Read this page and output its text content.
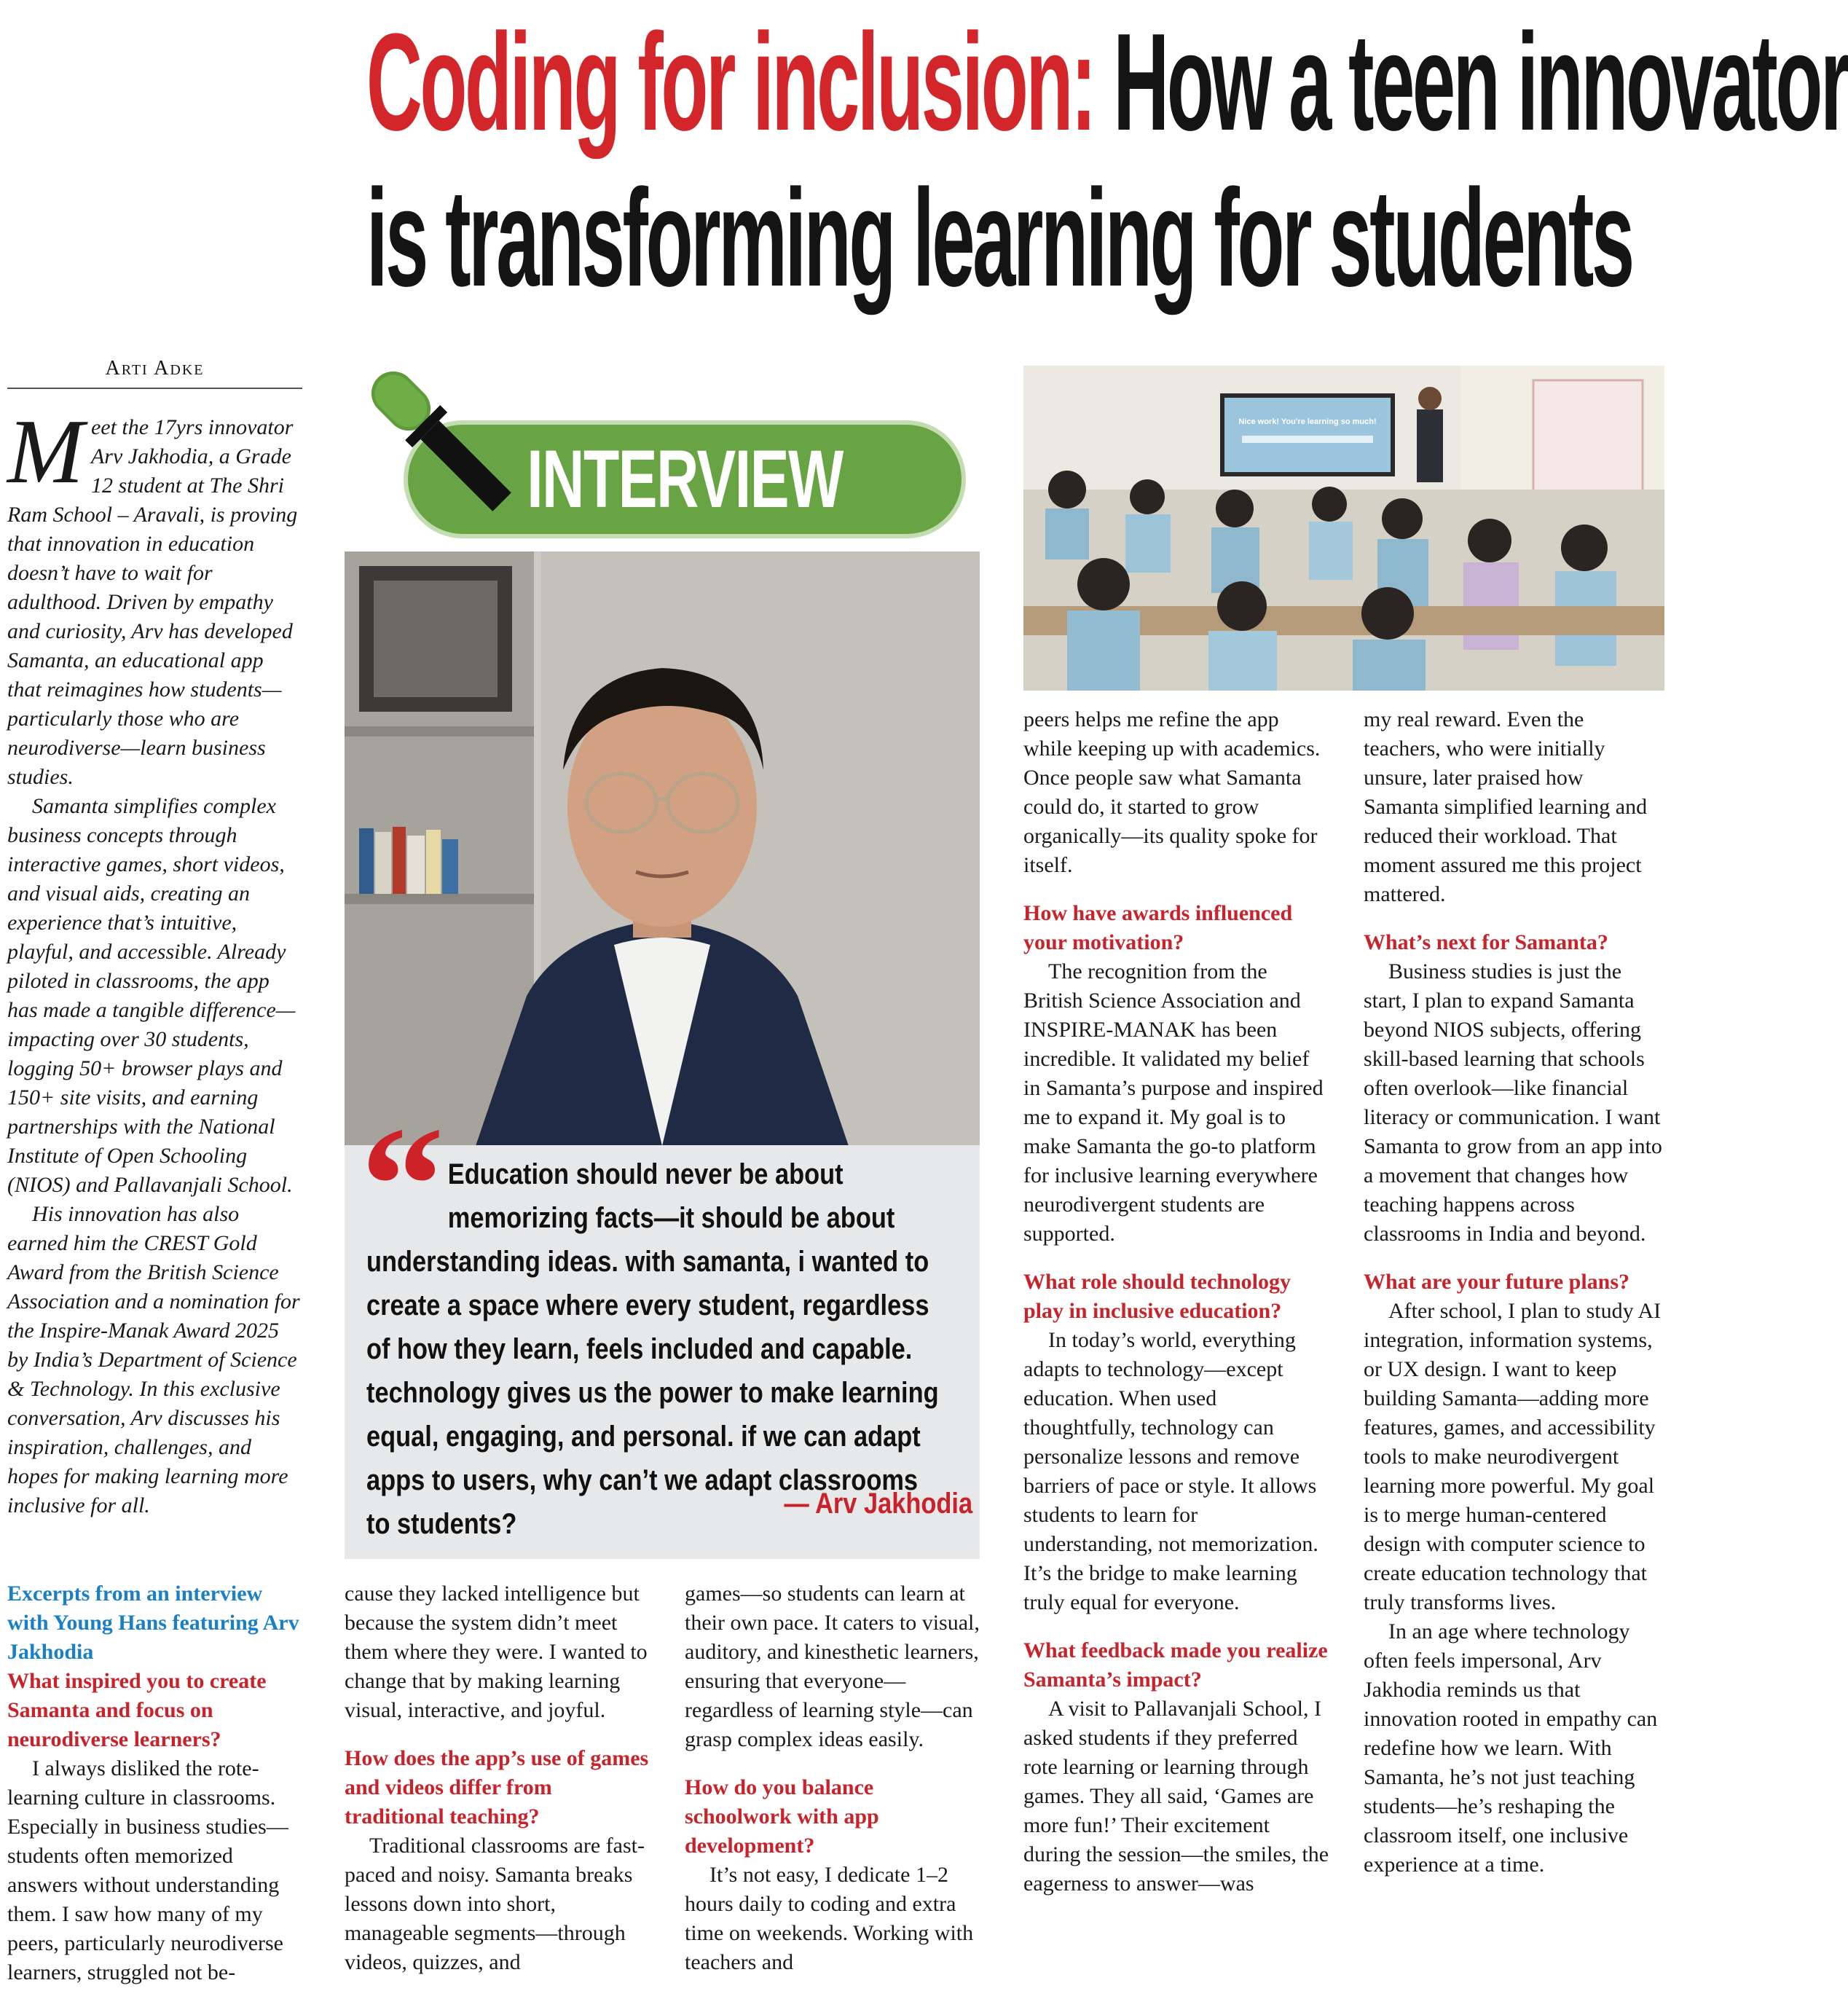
Coding for inclusion: How a teen innovator
is transforming learning for students
Arti Adke

Meet the 17yrs innovator Arv Jakhodia, a Grade 12 student at The Shri Ram School – Aravali, is proving that innovation in education doesn’t have to wait for adulthood. Driven by empathy and curiosity, Arv has developed Samanta, an educational app that reimagines how students—particularly those who are neurodiverse—learn business studies.

Samanta simplifies complex business concepts through interactive games, short videos, and visual aids, creating an experience that’s intuitive, playful, and accessible. Already piloted in classrooms, the app has made a tangible difference—impacting over 30 students, logging 50+ browser plays and 150+ site visits, and earning partnerships with the National Institute of Open Schooling (NIOS) and Pallavanjali School.

His innovation has also earned him the CREST Gold Award from the British Science Association and a nomination for the Inspire-Manak Award 2025 by India’s Department of Science & Technology. In this exclusive conversation, Arv discusses his inspiration, challenges, and hopes for making learning more inclusive for all.

Excerpts from an interview with Young Hans featuring Arv Jakhodia

What inspired you to create Samanta and focus on neurodiverse learners?

I always disliked the rote-learning culture in classrooms. Especially in business studies—students often memorized answers without understanding them. I saw how many of my peers, particularly neurodiverse learners, struggled not be-

INTERVIEW
“ Education should never be about
memorizing facts—it should be about
understanding ideas. with samanta, i wanted to
create a space where every student, regardless
of how they learn, feels included and capable.
technology gives us the power to make learning
equal, engaging, and personal. if we can adapt
apps to users, why can’t we adapt classrooms
to students?
— Arv Jakhodia

cause they lacked intelligence but because the system didn’t meet them where they were. I wanted to change that by making learning visual, interactive, and joyful.

How does the app’s use of games and videos differ from traditional teaching?

Traditional classrooms are fast-paced and noisy. Samanta breaks lessons down into short, manageable segments—through videos, quizzes, and

games—so students can learn at their own pace. It caters to visual, auditory, and kinesthetic learners, ensuring that everyone—regardless of learning style—can grasp complex ideas easily.

How do you balance schoolwork with app development?

It’s not easy, I dedicate 1–2 hours daily to coding and extra time on weekends. Working with teachers and

Nice work! You're learning so much!

peers helps me refine the app while keeping up with academics. Once people saw what Samanta could do, it started to grow organically—its quality spoke for itself.

How have awards influenced your motivation?

The recognition from the British Science Association and INSPIRE-MANAK has been incredible. It validated my belief in Samanta’s purpose and inspired me to expand it. My goal is to make Samanta the go-to platform for inclusive learning everywhere neurodivergent students are supported.

What role should technology play in inclusive education?

In today’s world, everything adapts to technology—except education. When used thoughtfully, technology can personalize lessons and remove barriers of pace or style. It allows students to learn for understanding, not memorization. It’s the bridge to make learning truly equal for everyone.

What feedback made you realize Samanta’s impact?

A visit to Pallavanjali School, I asked students if they preferred rote learning or learning through games. They all said, ‘Games are more fun!’ Their excitement during the session—the smiles, the eagerness to answer—was

my real reward. Even the teachers, who were initially unsure, later praised how Samanta simplified learning and reduced their workload. That moment assured me this project mattered.

What’s next for Samanta?

Business studies is just the start, I plan to expand Samanta beyond NIOS subjects, offering skill-based learning that schools often overlook—like financial literacy or communication. I want Samanta to grow from an app into a movement that changes how teaching happens across classrooms in India and beyond.

What are your future plans?

After school, I plan to study AI integration, information systems, or UX design. I want to keep building Samanta—adding more features, games, and accessibility tools to make neurodivergent learning more powerful. My goal is to merge human-centered design with computer science to create education technology that truly transforms lives.

In an age where technology often feels impersonal, Arv Jakhodia reminds us that innovation rooted in empathy can redefine how we learn. With Samanta, he’s not just teaching students—he’s reshaping the classroom itself, one inclusive experience at a time.
